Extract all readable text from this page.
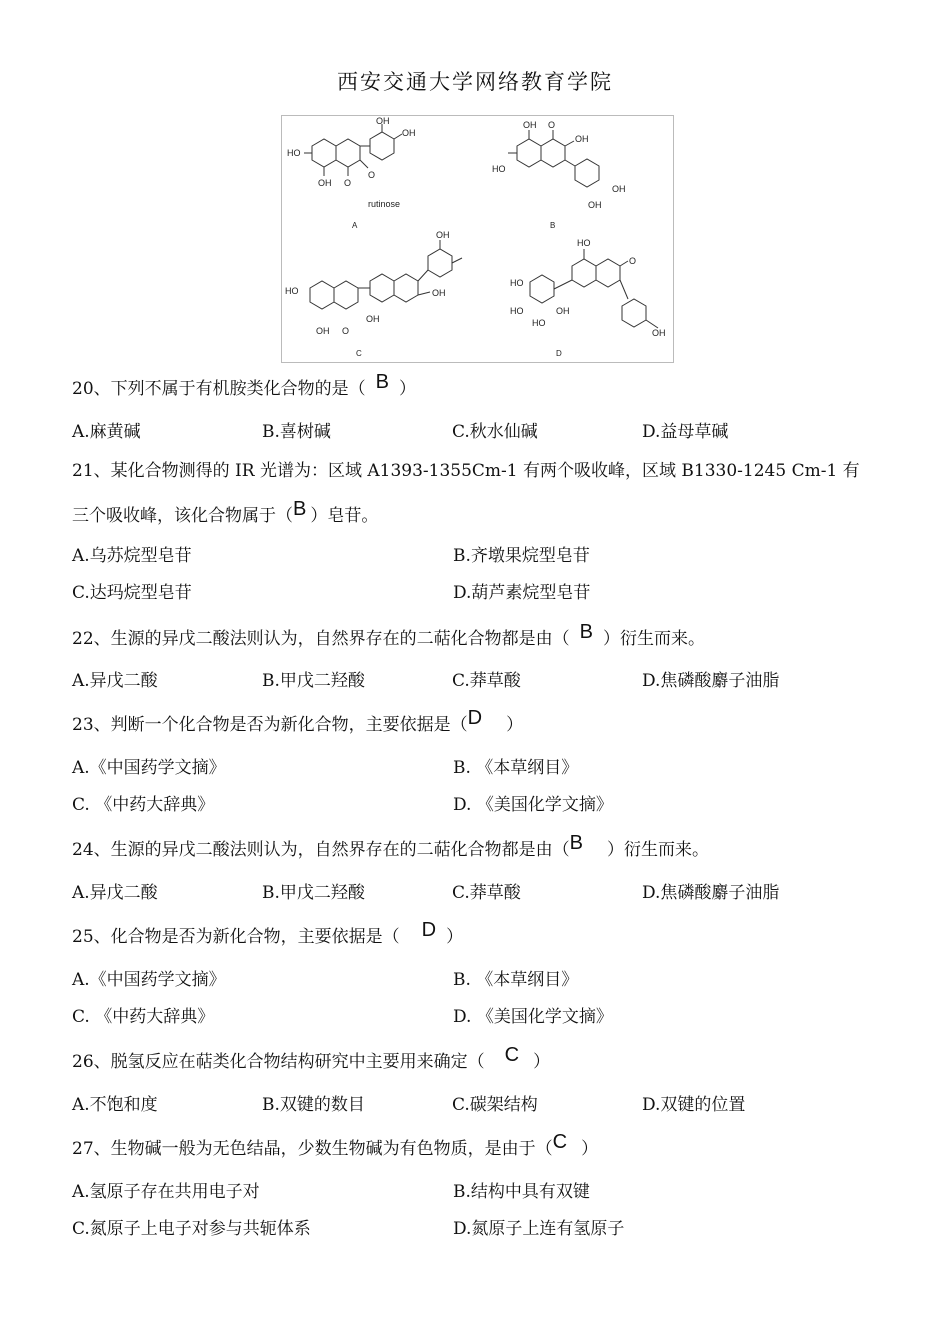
西安交通大学网络教育学院
OH
OH
HO
OH O
O
rutinose
A
OH O
OH
HO
OH
OH
B
OH
HO	OH
OH
OH O
C
HO
O
HO
HO
HO
OH
OH
D
20、下列不属于有机胺类化合物的是（ B ）
A.麻黄碱	B.喜树碱	C.秋水仙碱	D.益母草碱
21、某化合物测得的 IR 光谱为：区域 A1393-1355Cm-1 有两个吸收峰，区域 B1330-1245 Cm-1 有
三个吸收峰，该化合物属于（B ）皂苷。
A.乌苏烷型皂苷	B.齐墩果烷型皂苷
C.达玛烷型皂苷	D.葫芦素烷型皂苷
22、生源的异戊二酸法则认为，自然界存在的二萜化合物都是由（ B ）衍生而来。
A.异戊二酸	B.甲戊二羟酸	C.莽草酸	D.焦磷酸麝子油脂
23、判断一个化合物是否为新化合物，主要依据是（D ）
A.《中国药学文摘》	B. 《本草纲目》
C. 《中药大辞典》	D. 《美国化学文摘》
24、生源的异戊二酸法则认为，自然界存在的二萜化合物都是由（B ）衍生而来。
A.异戊二酸	B.甲戊二羟酸	C.莽草酸	D.焦磷酸麝子油脂
25、化合物是否为新化合物，主要依据是（ D ）
A.《中国药学文摘》	B. 《本草纲目》
C. 《中药大辞典》	D. 《美国化学文摘》
26、脱氢反应在萜类化合物结构研究中主要用来确定（ C ）
A.不饱和度	B.双键的数目	C.碳架结构	D.双键的位置
27、生物碱一般为无色结晶，少数生物碱为有色物质，是由于（C ）
A.氢原子存在共用电子对	B.结构中具有双键
C.氮原子上电子对参与共轭体系	D.氮原子上连有氢原子
